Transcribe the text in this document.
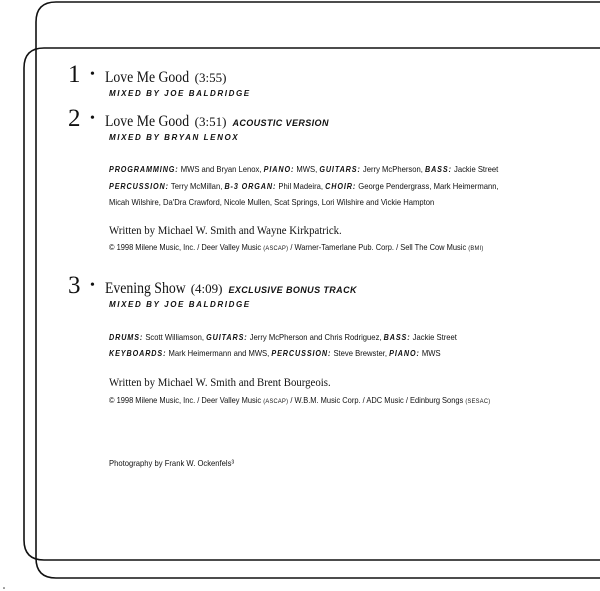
1 • Love Me Good (3:55)
MIXED BY JOE BALDRIDGE
2 • Love Me Good (3:51) ACOUSTIC VERSION
MIXED BY BRYAN LENOX
PROGRAMMING: MWS and Bryan Lenox, PIANO: MWS, GUITARS: Jerry McPherson, BASS: Jackie Street
PERCUSSION: Terry McMillan, B-3 ORGAN: Phil Madeira, CHOIR: George Pendergrass, Mark Heimermann,
Micah Wilshire, Da'Dra Crawford, Nicole Mullen, Scat Springs, Lori Wilshire and Vickie Hampton
Written by Michael W. Smith and Wayne Kirkpatrick.
© 1998 Milene Music, Inc. / Deer Valley Music (ASCAP) / Warner-Tamerlane Pub. Corp. / Sell The Cow Music (BMI)
3 • Evening Show (4:09) EXCLUSIVE BONUS TRACK
MIXED BY JOE BALDRIDGE
DRUMS: Scott Williamson, GUITARS: Jerry McPherson and Chris Rodriguez, BASS: Jackie Street
KEYBOARDS: Mark Heimermann and MWS, PERCUSSION: Steve Brewster, PIANO: MWS
Written by Michael W. Smith and Brent Bourgeois.
© 1998 Milene Music, Inc. / Deer Valley Music (ASCAP) / W.B.M. Music Corp. / ADC Music / Edinburg Songs (SESAC)
Photography by Frank W. Ockenfels³
